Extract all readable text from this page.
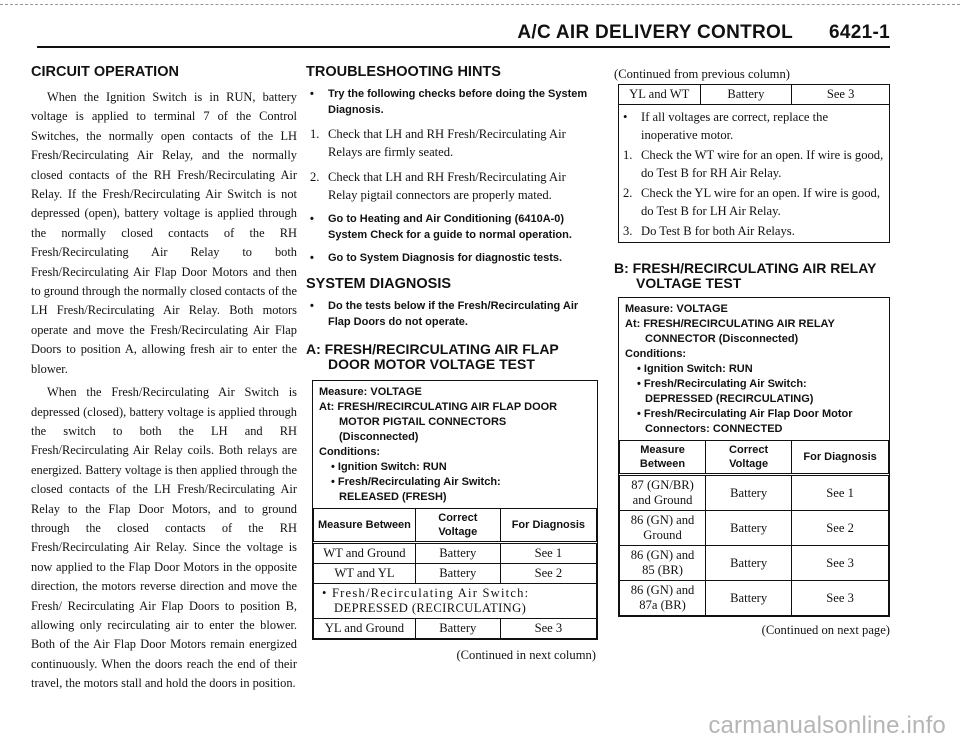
A/C AIR DELIVERY CONTROL 6421-1
CIRCUIT OPERATION

When the Ignition Switch is in RUN, battery voltage is applied to terminal 7 of the Control Switches, the normally open contacts of the LH Fresh/Recirculating Air Relay, and the normally closed contacts of the RH Fresh/Recirculating Air Relay. If the Fresh/Recirculating Air Switch is not depressed (open), battery voltage is applied through the normally closed contacts of the RH Fresh/Recirculating Air Relay to both Fresh/Recirculating Air Flap Door Motors and then to ground through the normally closed contacts of the LH Fresh/Recirculating Air Relay. Both motors operate and move the Fresh/Recirculating Air Flap Doors to position A, allowing fresh air to enter the blower.

When the Fresh/Recirculating Air Switch is depressed (closed), battery voltage is applied through the switch to both the LH and RH Fresh/Recirculating Air Relay coils. Both relays are energized. Battery voltage is then applied through the closed contacts of the LH Fresh/Recirculating Air Relay to the Flap Door Motors, and to ground through the closed contacts of the RH Fresh/Recirculating Air Relay. Since the voltage is now applied to the Flap Door Motors in the opposite direction, the motors reverse direction and move the Fresh/ Recirculating Air Flap Doors to position B, allowing only recirculating air to enter the blower. Both of the Air Flap Door Motors remain energized continuously. When the doors reach the end of their travel, the motors stall and hold the doors in position.

TROUBLESHOOTING HINTS
• Try the following checks before doing the System Diagnosis.
1. Check that LH and RH Fresh/Recirculating Air Relays are firmly seated.
2. Check that LH and RH Fresh/Recirculating Air Relay pigtail connectors are properly mated.
• Go to Heating and Air Conditioning (6410A-0) System Check for a guide to normal operation.
• Go to System Diagnosis for diagnostic tests.
SYSTEM DIAGNOSIS
• Do the tests below if the Fresh/Recirculating Air Flap Doors do not operate.
A: FRESH/RECIRCULATING AIR FLAP
DOOR MOTOR VOLTAGE TEST
Measure: VOLTAGE
At: FRESH/RECIRCULATING AIR FLAP DOOR
MOTOR PIGTAIL CONNECTORS
(Disconnected)
Conditions:
• Ignition Switch: RUN
• Fresh/Recirculating Air Switch:
RELEASED (FRESH)
Measure Between	Correct Voltage	For Diagnosis
WT and Ground	Battery	See 1
WT and YL	Battery	See 2

• Fresh/Recirculating Air Switch:
DEPRESSED (RECIRCULATING)		

YL and Ground	Battery	See 3
(Continued in next column)
(Continued from previous column)
YL and WT	Battery	See 3
• If all voltages are correct, replace the inoperative motor.
1. Check the WT wire for an open. If wire is good, do Test B for RH Air Relay.
2. Check the YL wire for an open. If wire is good, do Test B for LH Air Relay.
3. Do Test B for both Air Relays.
B: FRESH/RECIRCULATING AIR RELAY
VOLTAGE TEST
Measure: VOLTAGE
At: FRESH/RECIRCULATING AIR RELAY
CONNECTOR (Disconnected)
Conditions:
• Ignition Switch: RUN
• Fresh/Recirculating Air Switch:
DEPRESSED (RECIRCULATING)
• Fresh/Recirculating Air Flap Door Motor
Connectors: CONNECTED
Measure Between	Correct Voltage	For Diagnosis
87 (GN/BR) and Ground	Battery	See 1
86 (GN) and Ground	Battery	See 2
86 (GN) and 85 (BR)	Battery	See 3
86 (GN) and 87a (BR)	Battery	See 3
(Continued on next page)
carmanualsonline.info
